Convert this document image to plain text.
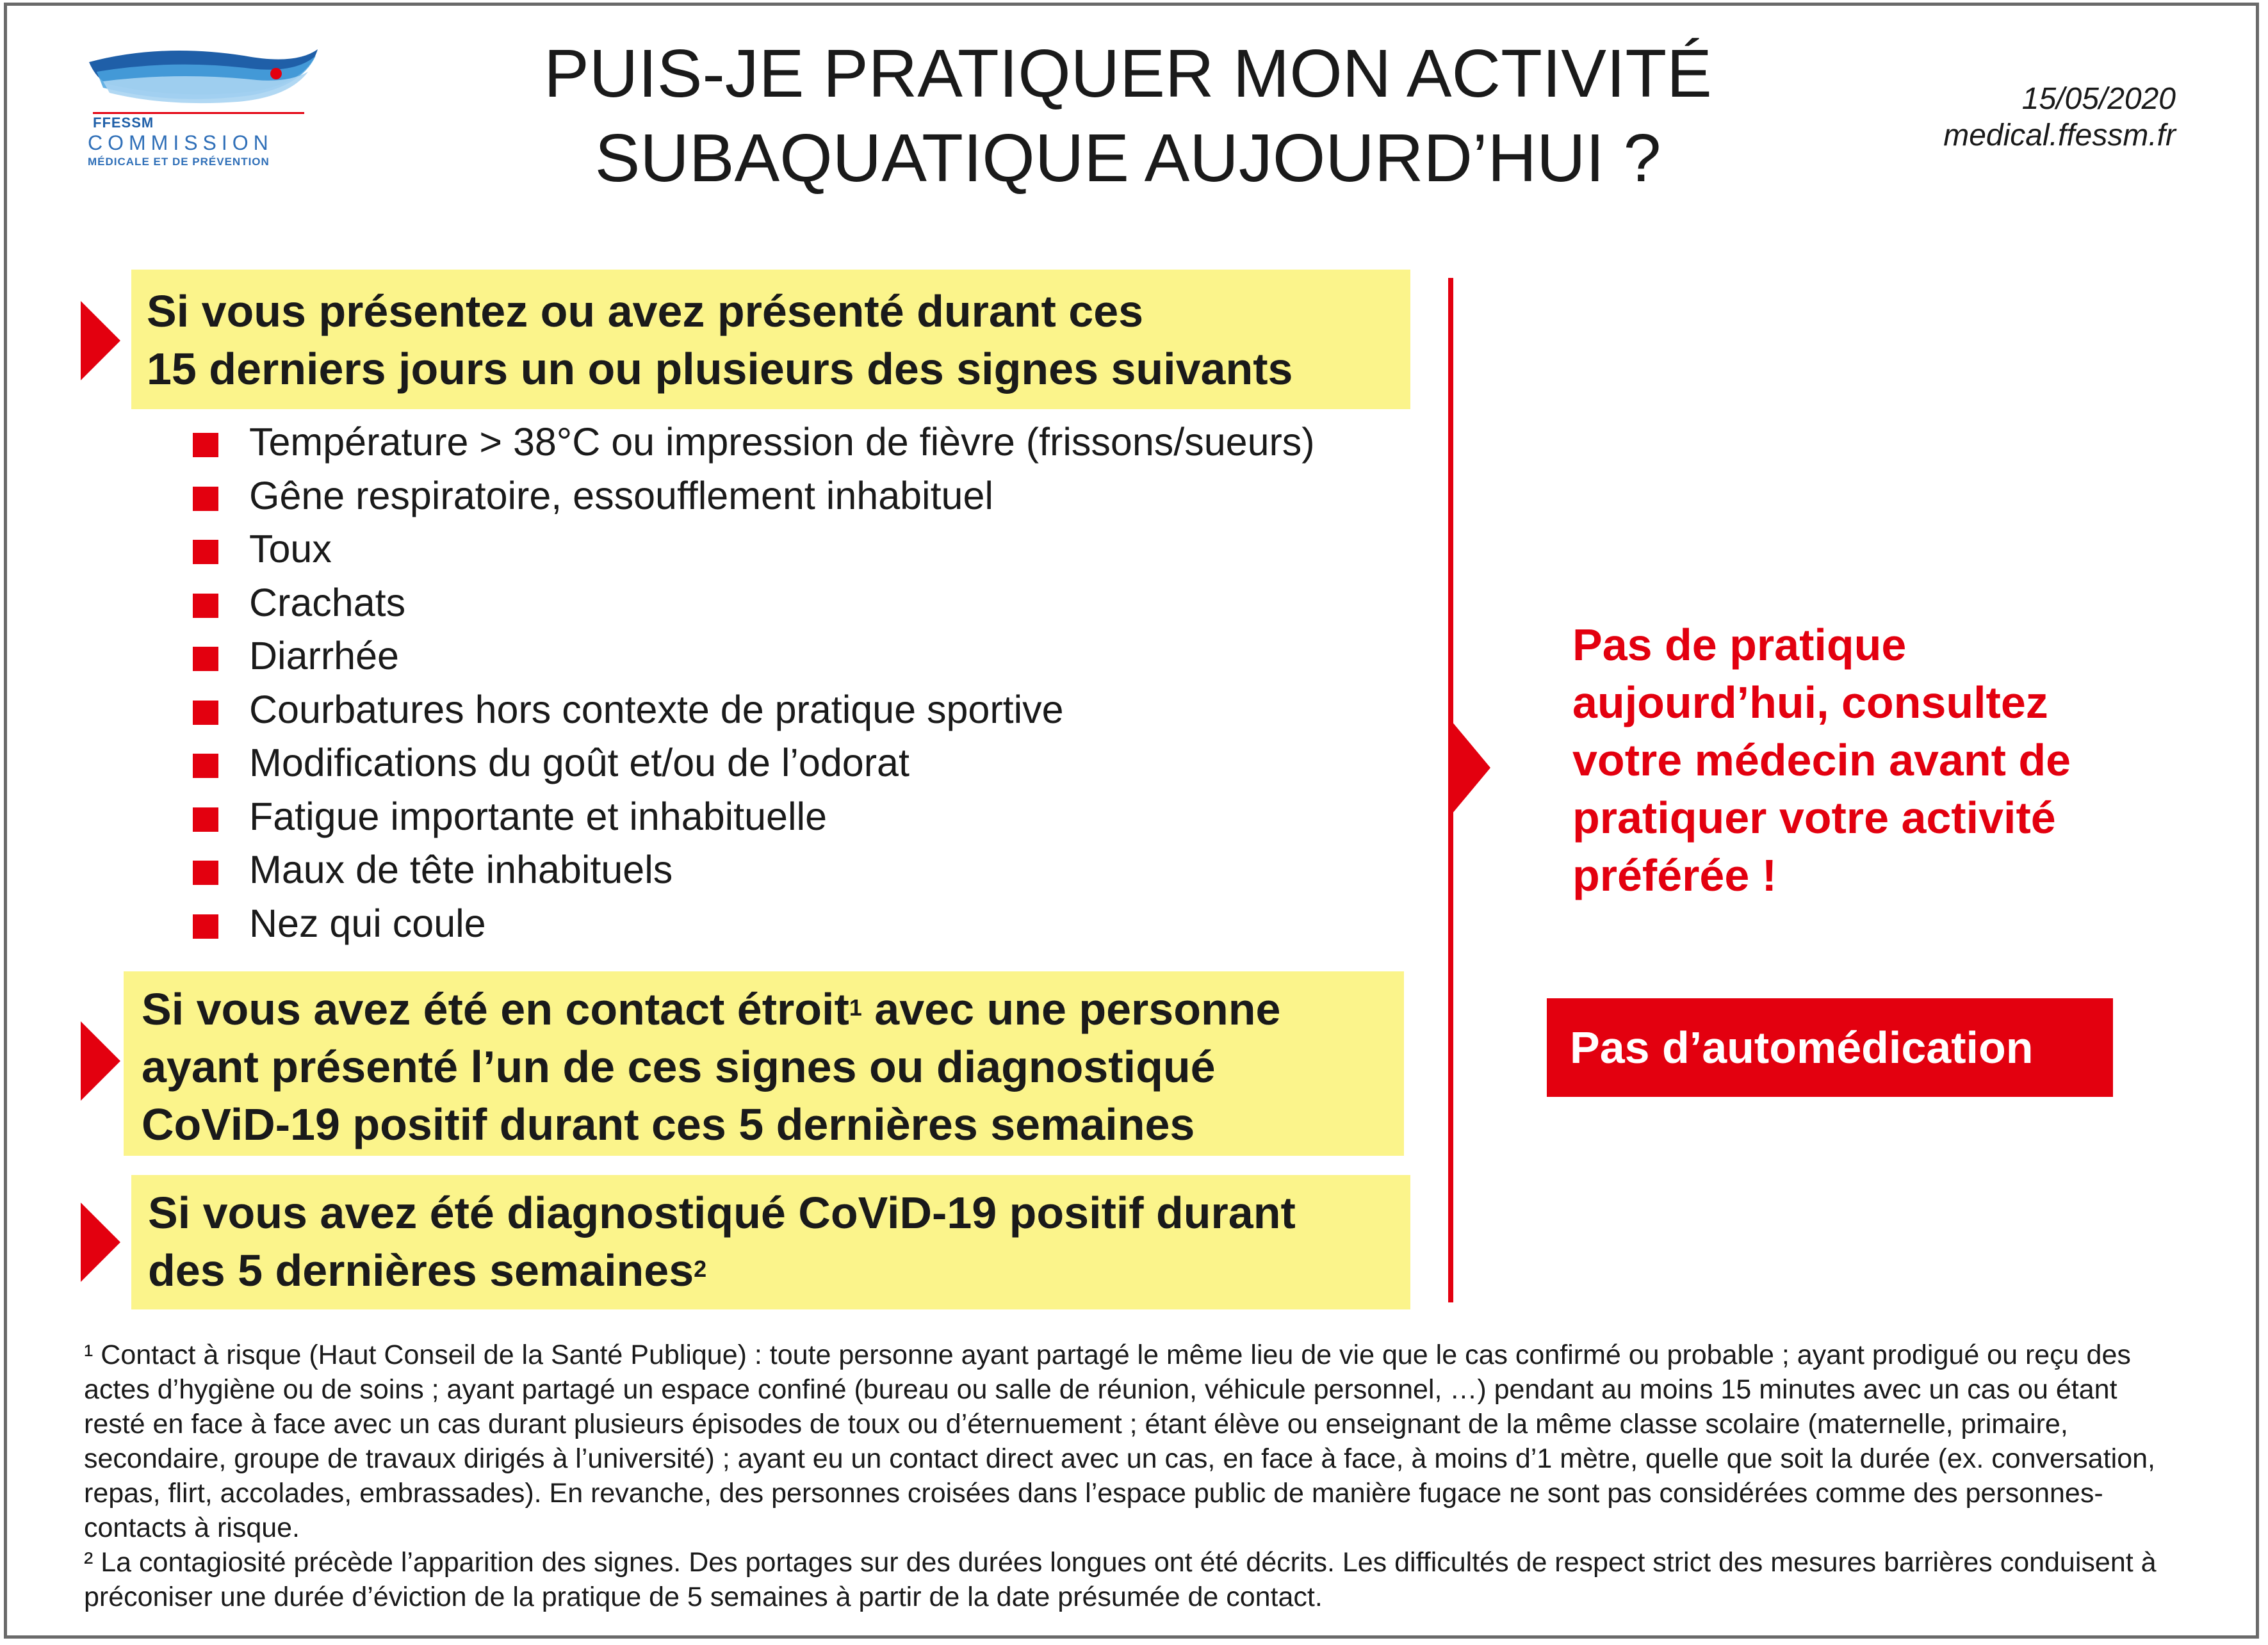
FFESSM
COMMISSION
MÉDICALE ET DE PRÉVENTION
PUIS-JE PRATIQUER MON ACTIVITÉ
SUBAQUATIQUE AUJOURD’HUI ?
15/05/2020
medical.ffessm.fr
Si vous présentez ou avez présenté durant ces
15 derniers jours un ou plusieurs des signes suivants
Température > 38°C ou impression de fièvre (frissons/sueurs)
Gêne respiratoire, essoufflement inhabituel
Toux
Crachats
Diarrhée
Courbatures hors contexte de pratique sportive
Modifications du goût et/ou de l’odorat
Fatigue importante et inhabituelle
Maux de tête inhabituels
Nez qui coule
Si vous avez été en contact étroit$^1$ avec une personne
ayant présenté l’un de ces signes ou diagnostiqué
CoViD-19 positif durant ces 5 dernières semaines
Si vous avez été diagnostiqué CoViD-19 positif durant
des 5 dernières semaines$^2$
Pas de pratique
aujourd’hui, consultez
votre médecin avant de
pratiquer votre activité
préférée !
Pas d’automédication

¹ Contact à risque (Haut Conseil de la Santé Publique) : toute personne ayant partagé le même lieu de vie que le cas confirmé ou probable ; ayant prodigué ou reçu des actes d’hygiène ou de soins ; ayant partagé un espace confiné (bureau ou salle de réunion, véhicule personnel, …) pendant au moins 15 minutes avec un cas ou étant resté en face à face avec un cas durant plusieurs épisodes de toux ou d’éternuement ; étant élève ou enseignant de la même classe scolaire (maternelle, primaire, secondaire, groupe de travaux dirigés à l’université) ; ayant eu un contact direct avec un cas, en face à face, à moins d’1 mètre, quelle que soit la durée (ex. conversation, repas, flirt, accolades, embrassades). En revanche, des personnes croisées dans l’espace public de manière fugace ne sont pas considérées comme des personnes-contacts à risque.

² La contagiosité précède l’apparition des signes. Des portages sur des durées longues ont été décrits. Les difficultés de respect strict des mesures barrières conduisent à préconiser une durée d’éviction de la pratique de 5 semaines à partir de la date présumée de contact.
